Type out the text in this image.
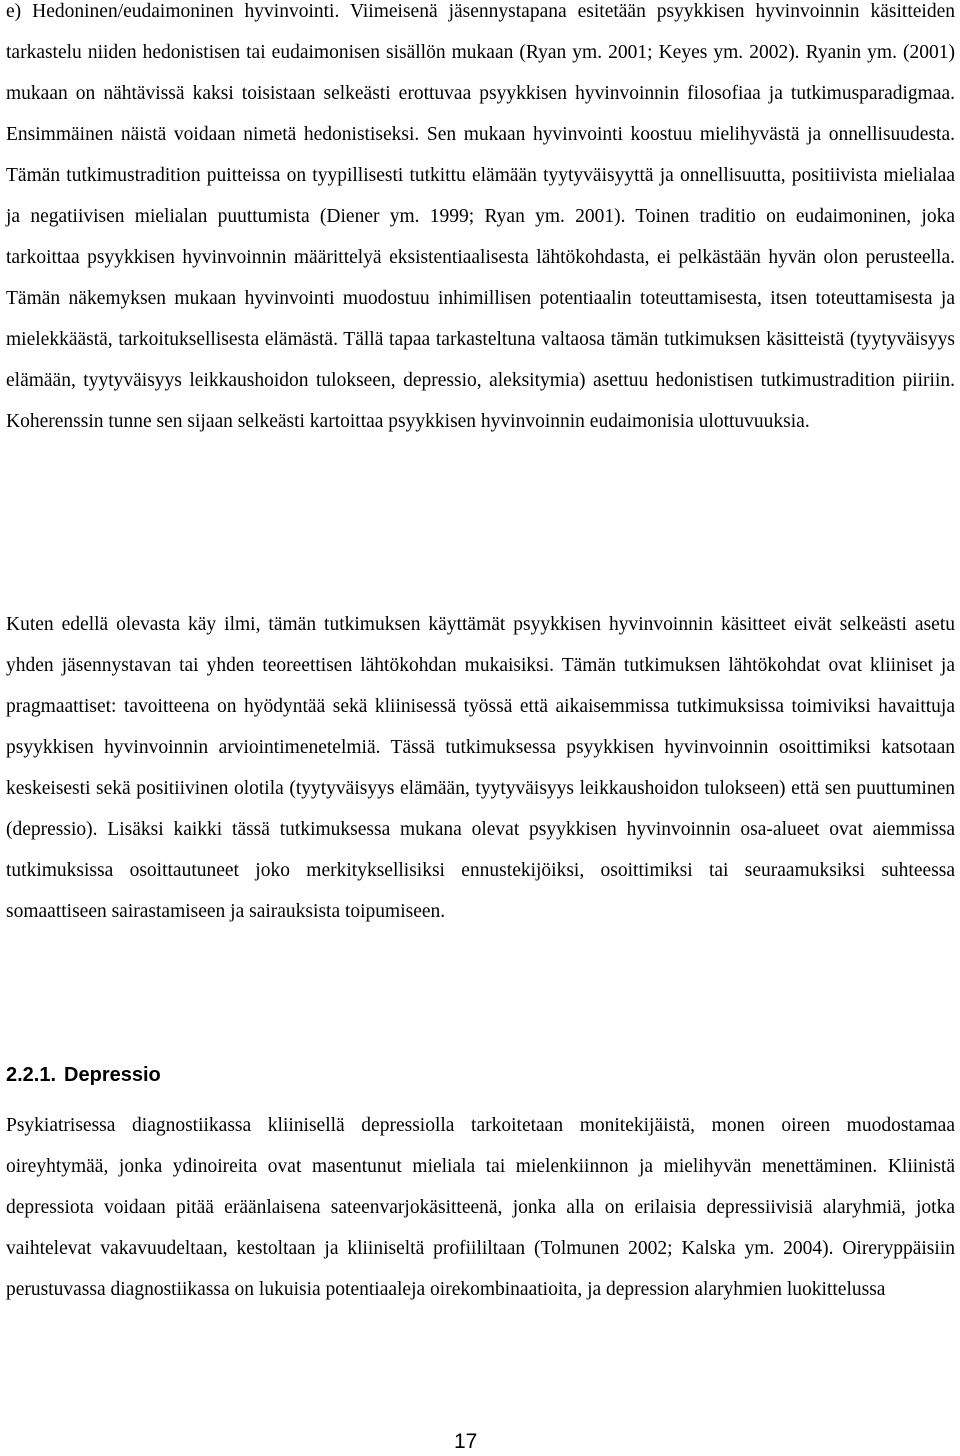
e) Hedoninen/eudaimoninen hyvinvointi. Viimeisenä jäsennystapana esitetään psyykkisen hyvinvoinnin käsitteiden tarkastelu niiden hedonistisen tai eudaimonisen sisällön mukaan (Ryan ym. 2001; Keyes ym. 2002). Ryanin ym. (2001) mukaan on nähtävissä kaksi toisistaan selkeästi erottuvaa psyykkisen hyvinvoinnin filosofiaa ja tutkimusparadigmaa. Ensimmäinen näistä voidaan nimetä hedonistiseksi. Sen mukaan hyvinvointi koostuu mielihyvästä ja onnellisuudesta. Tämän tutkimustradition puitteissa on tyypillisesti tutkittu elämään tyytyväisyyttä ja onnellisuutta, positiivista mielialaa ja negatiivisen mielialan puuttumista (Diener ym. 1999; Ryan ym. 2001). Toinen traditio on eudaimoninen, joka tarkoittaa psyykkisen hyvinvoinnin määrittelyä eksistentiaalisesta lähtökohdasta, ei pelkästään hyvän olon perusteella. Tämän näkemyksen mukaan hyvinvointi muodostuu inhimillisen potentiaalin toteuttamisesta, itsen toteuttamisesta ja mielekkäästä, tarkoituksellisesta elämästä. Tällä tapaa tarkasteltuna valtaosa tämän tutkimuksen käsitteistä (tyytyväisyys elämään, tyytyväisyys leikkaushoidon tulokseen, depressio, aleksitymia) asettuu hedonistisen tutkimustradition piiriin. Koherenssin tunne sen sijaan selkeästi kartoittaa psyykkisen hyvinvoinnin eudaimonisia ulottuvuuksia.

Kuten edellä olevasta käy ilmi, tämän tutkimuksen käyttämät psyykkisen hyvinvoinnin käsitteet eivät selkeästi asetu yhden jäsennystavan tai yhden teoreettisen lähtökohdan mukaisiksi. Tämän tutkimuksen lähtökohdat ovat kliiniset ja pragmaattiset: tavoitteena on hyödyntää sekä kliinisessä työssä että aikaisemmissa tutkimuksissa toimiviksi havaittuja psyykkisen hyvinvoinnin arviointimenetelmiä. Tässä tutkimuksessa psyykkisen hyvinvoinnin osoittimiksi katsotaan keskeisesti sekä positiivinen olotila (tyytyväisyys elämään, tyytyväisyys leikkaushoidon tulokseen) että sen puuttuminen (depressio). Lisäksi kaikki tässä tutkimuksessa mukana olevat psyykkisen hyvinvoinnin osa-alueet ovat aiemmissa tutkimuksissa osoittautuneet joko merkityksellisiksi ennustekijöiksi, osoittimiksi tai seuraamuksiksi suhteessa somaattiseen sairastamiseen ja sairauksista toipumiseen.

2.2.1. Depressio

Psykiatrisessa diagnostiikassa kliinisellä depressiolla tarkoitetaan monitekijäistä, monen oireen muodostamaa oireyhtymää, jonka ydinoireita ovat masentunut mieliala tai mielenkiinnon ja mielihyvän menettäminen. Kliinistä depressiota voidaan pitää eräänlaisena sateenvarjokäsitteenä, jonka alla on erilaisia depressiivisiä alaryhmiä, jotka vaihtelevat vakavuudeltaan, kestoltaan ja kliiniseltä profiililtaan (Tolmunen 2002; Kalska ym. 2004). Oireryppäisiin perustuvassa diagnostiikassa on lukuisia potentiaaleja oirekombinaatioita, ja depression alaryhmien luokittelussa

17
